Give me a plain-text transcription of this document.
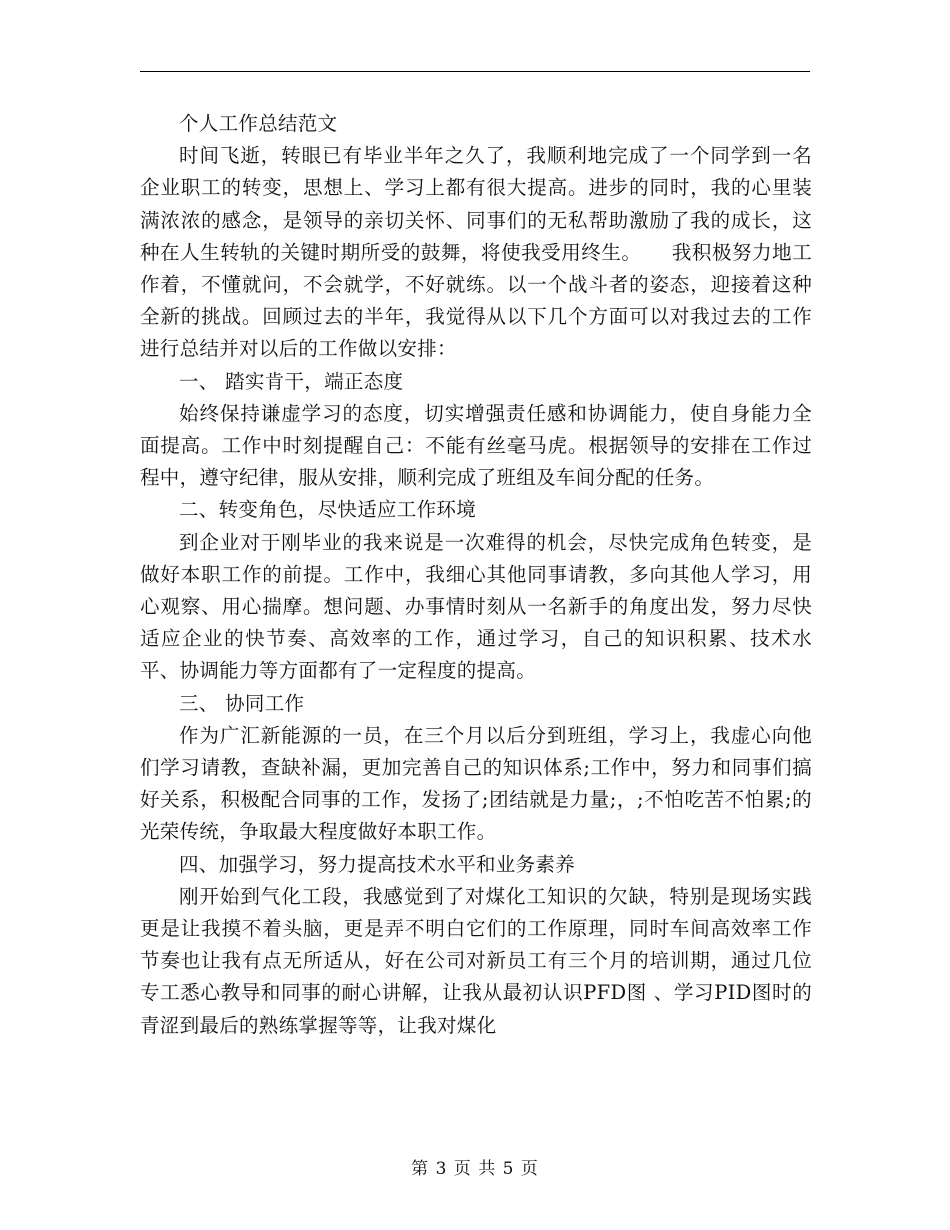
个人工作总结范文

时间飞逝，转眼已有毕业半年之久了，我顺利地完成了一个同学到一名企业职工的转变，思想上、学习上都有很大提高。进步的同时，我的心里装满浓浓的感念，是领导的亲切关怀、同事们的无私帮助激励了我的成长，这种在人生转轨的关键时期所受的鼓舞，将使我受用终生。　　我积极努力地工作着，不懂就问，不会就学，不好就练。以一个战斗者的姿态，迎接着这种全新的挑战。回顾过去的半年，我觉得从以下几个方面可以对我过去的工作进行总结并对以后的工作做以安排：

一、 踏实肯干，端正态度

始终保持谦虚学习的态度，切实增强责任感和协调能力，使自身能力全面提高。工作中时刻提醒自己：不能有丝毫马虎。根据领导的安排在工作过程中，遵守纪律，服从安排，顺利完成了班组及车间分配的任务。

二、转变角色，尽快适应工作环境

到企业对于刚毕业的我来说是一次难得的机会，尽快完成角色转变，是做好本职工作的前提。工作中，我细心其他同事请教，多向其他人学习，用心观察、用心揣摩。想问题、办事情时刻从一名新手的角度出发，努力尽快适应企业的快节奏、高效率的工作，通过学习，自己的知识积累、技术水平、协调能力等方面都有了一定程度的提高。

三、 协同工作

作为广汇新能源的一员，在三个月以后分到班组，学习上，我虚心向他们学习请教，查缺补漏，更加完善自己的知识体系;工作中，努力和同事们搞好关系，积极配合同事的工作，发扬了;团结就是力量;，;不怕吃苦不怕累;的光荣传统，争取最大程度做好本职工作。

四、加强学习，努力提高技术水平和业务素养

刚开始到气化工段，我感觉到了对煤化工知识的欠缺，特别是现场实践更是让我摸不着头脑，更是弄不明白它们的工作原理，同时车间高效率工作节奏也让我有点无所适从，好在公司对新员工有三个月的培训期，通过几位专工悉心教导和同事的耐心讲解，让我从最初认识PFD图 、学习PID图时的青涩到最后的熟练掌握等等，让我对煤化

第 3 页 共 5 页
